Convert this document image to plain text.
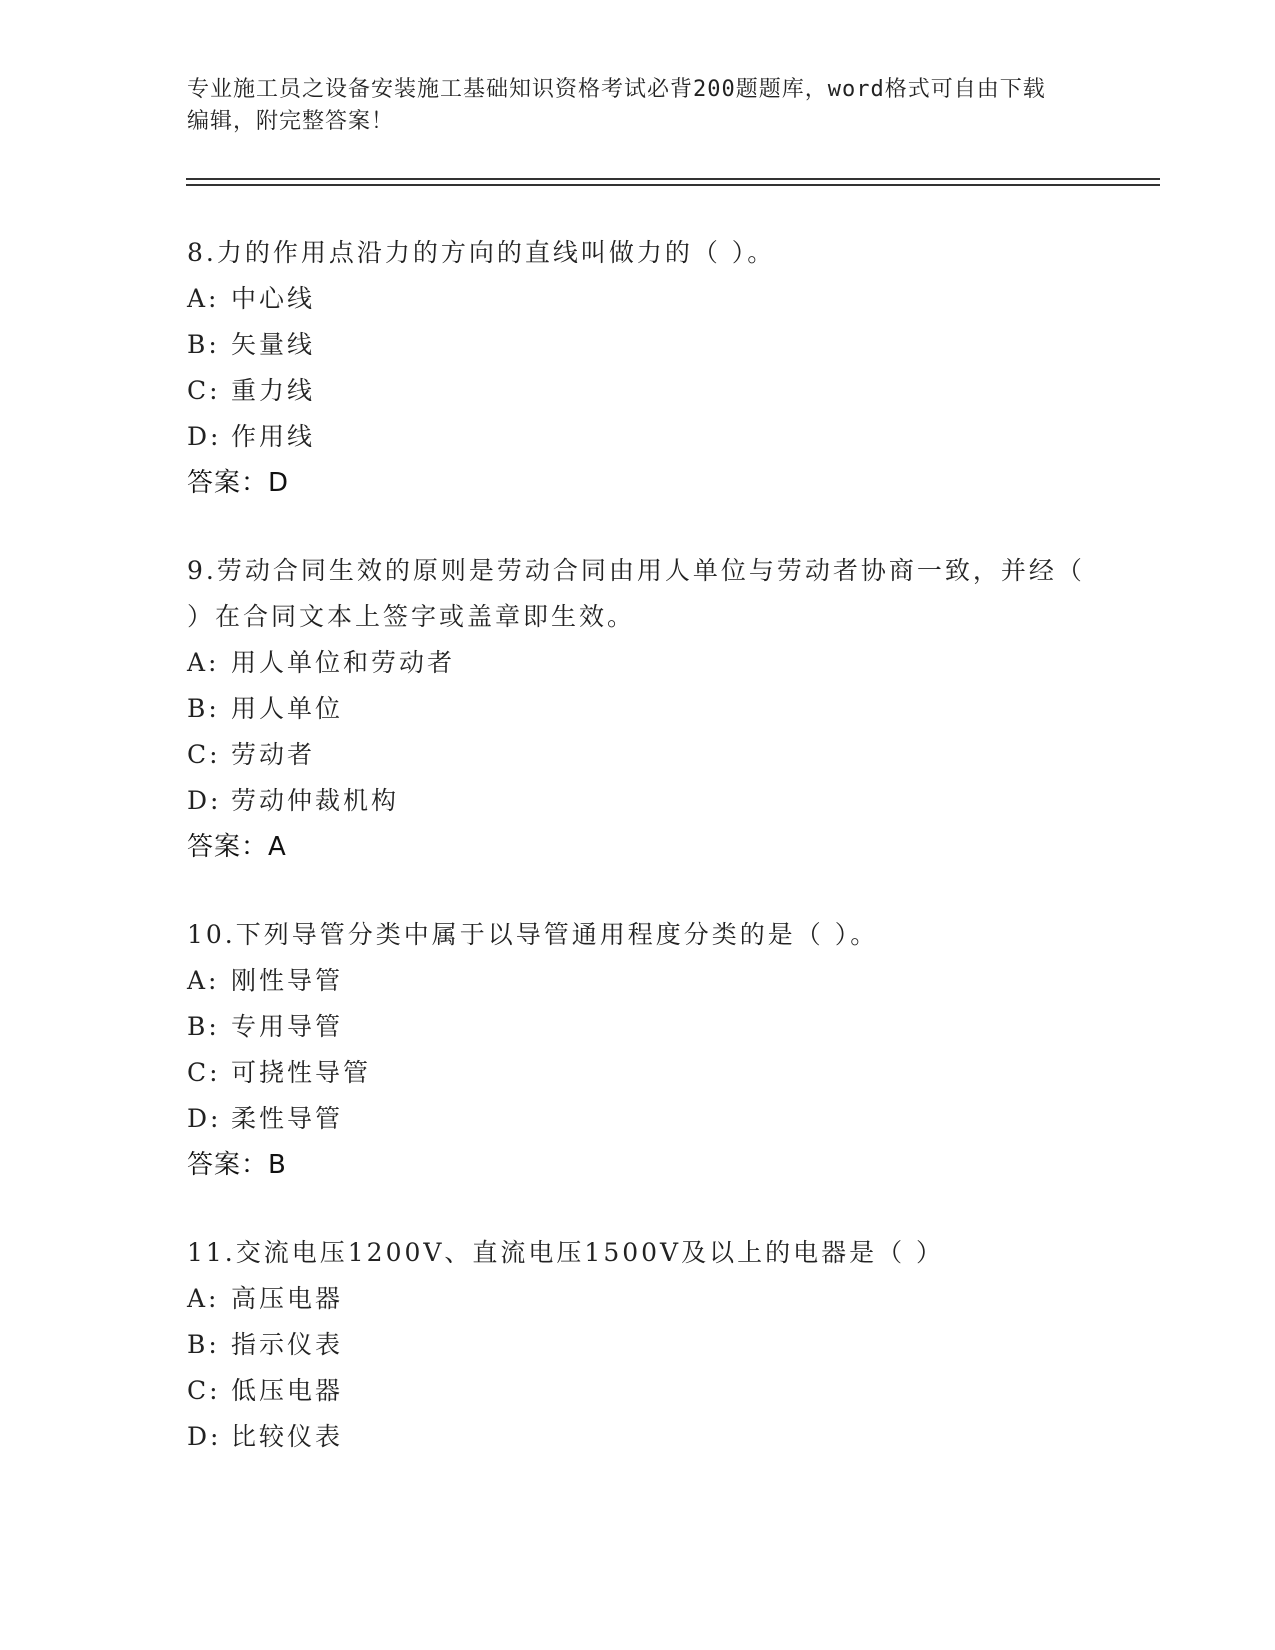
专业施工员之设备安装施工基础知识资格考试必背200题题库，word格式可自由下载编辑，附完整答案！

8.力的作用点沿力的方向的直线叫做力的（ ）。

A: 中心线
B: 矢量线
C: 重力线
D: 作用线
答案：D

9.劳动合同生效的原则是劳动合同由用人单位与劳动者协商一致，并经（ ）在合同文本上签字或盖章即生效。

A: 用人单位和劳动者
B: 用人单位
C: 劳动者
D: 劳动仲裁机构
答案：A

10.下列导管分类中属于以导管通用程度分类的是（ ）。

A: 刚性导管
B: 专用导管
C: 可挠性导管
D: 柔性导管
答案：B

11.交流电压1200V、直流电压1500V及以上的电器是（ ）

A: 高压电器
B: 指示仪表
C: 低压电器
D: 比较仪表
